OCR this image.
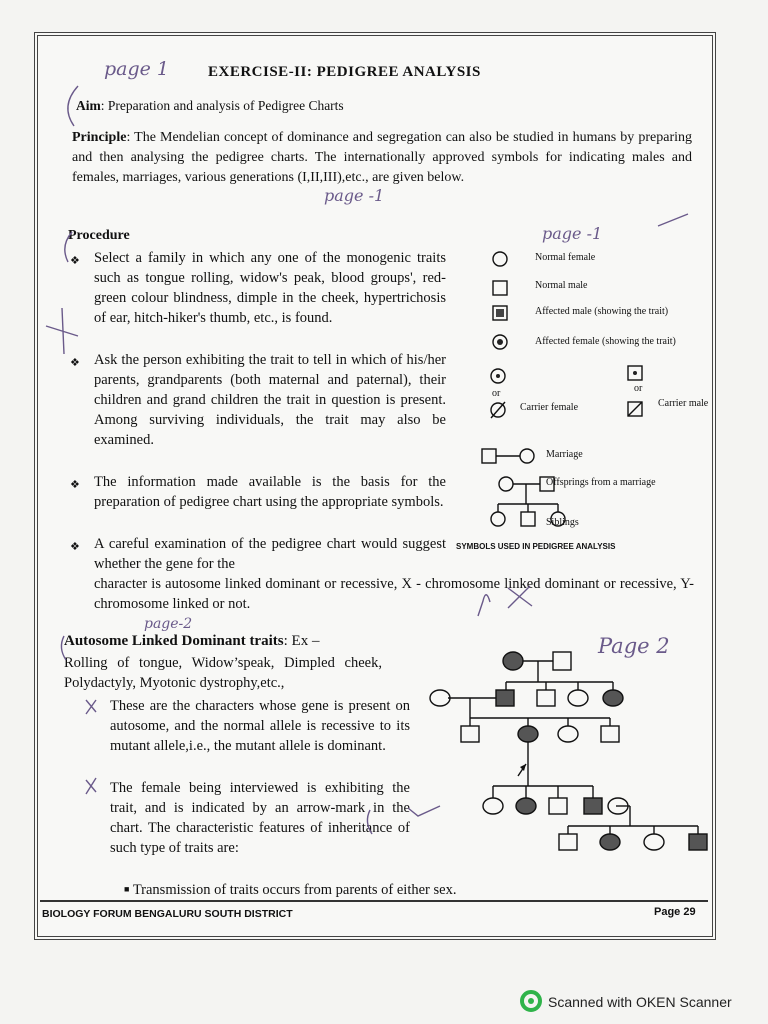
EXERCISE-II: PEDIGREE ANALYSIS
Aim: Preparation and analysis of Pedigree Charts
Principle: The Mendelian concept of dominance and segregation can also be studied in humans by preparing and then analysing the pedigree charts. The internationally approved symbols for indicating males and females, marriages, various generations (I,II,III),etc., are given below.
Procedure
❖ Select a family in which any one of the monogenic traits such as tongue rolling, widow's peak, blood groups', red-green colour blindness, dimple in the cheek, hypertrichosis of ear, hitch-hiker's thumb, etc., is found.
❖ Ask the person exhibiting the trait to tell in which of his/her parents, grandparents (both maternal and paternal), their children and grand children the trait in question is present. Among surviving individuals, the trait may also be examined.
❖ The information made available is the basis for the preparation of pedigree chart using the appropriate symbols.
❖ A careful examination of the pedigree chart would suggest whether the gene for the
character is autosome linked dominant or recessive, X - chromosome linked dominant or recessive, Y- chromosome linked or not.
Normal female
Normal male
Affected male (showing the trait)
Affected female (showing the trait)
or	or
Carrier female	Carrier male
Marriage
Offsprings from a marriage
Siblings
SYMBOLS USED IN PEDIGREE ANALYSIS
Autosome Linked Dominant traits: Ex –
Rolling of tongue, Widow’speak, Dimpled cheek, Polydactyly, Myotonic dystrophy,etc.,
These are the characters whose gene is present on autosome, and the normal allele is recessive to its mutant allele,i.e., the mutant allele is dominant.
The female being interviewed is exhibiting the trait, and is indicated by an arrow-mark in the chart. The characteristic features of inheritance of such type of traits are:
■ Transmission of traits occurs from parents of either sex.
page 1
page -1
page -1
page-2
Page 2
BIOLOGY FORUM BENGALURU SOUTH DISTRICT	Page 29
Scanned with OKEN Scanner
